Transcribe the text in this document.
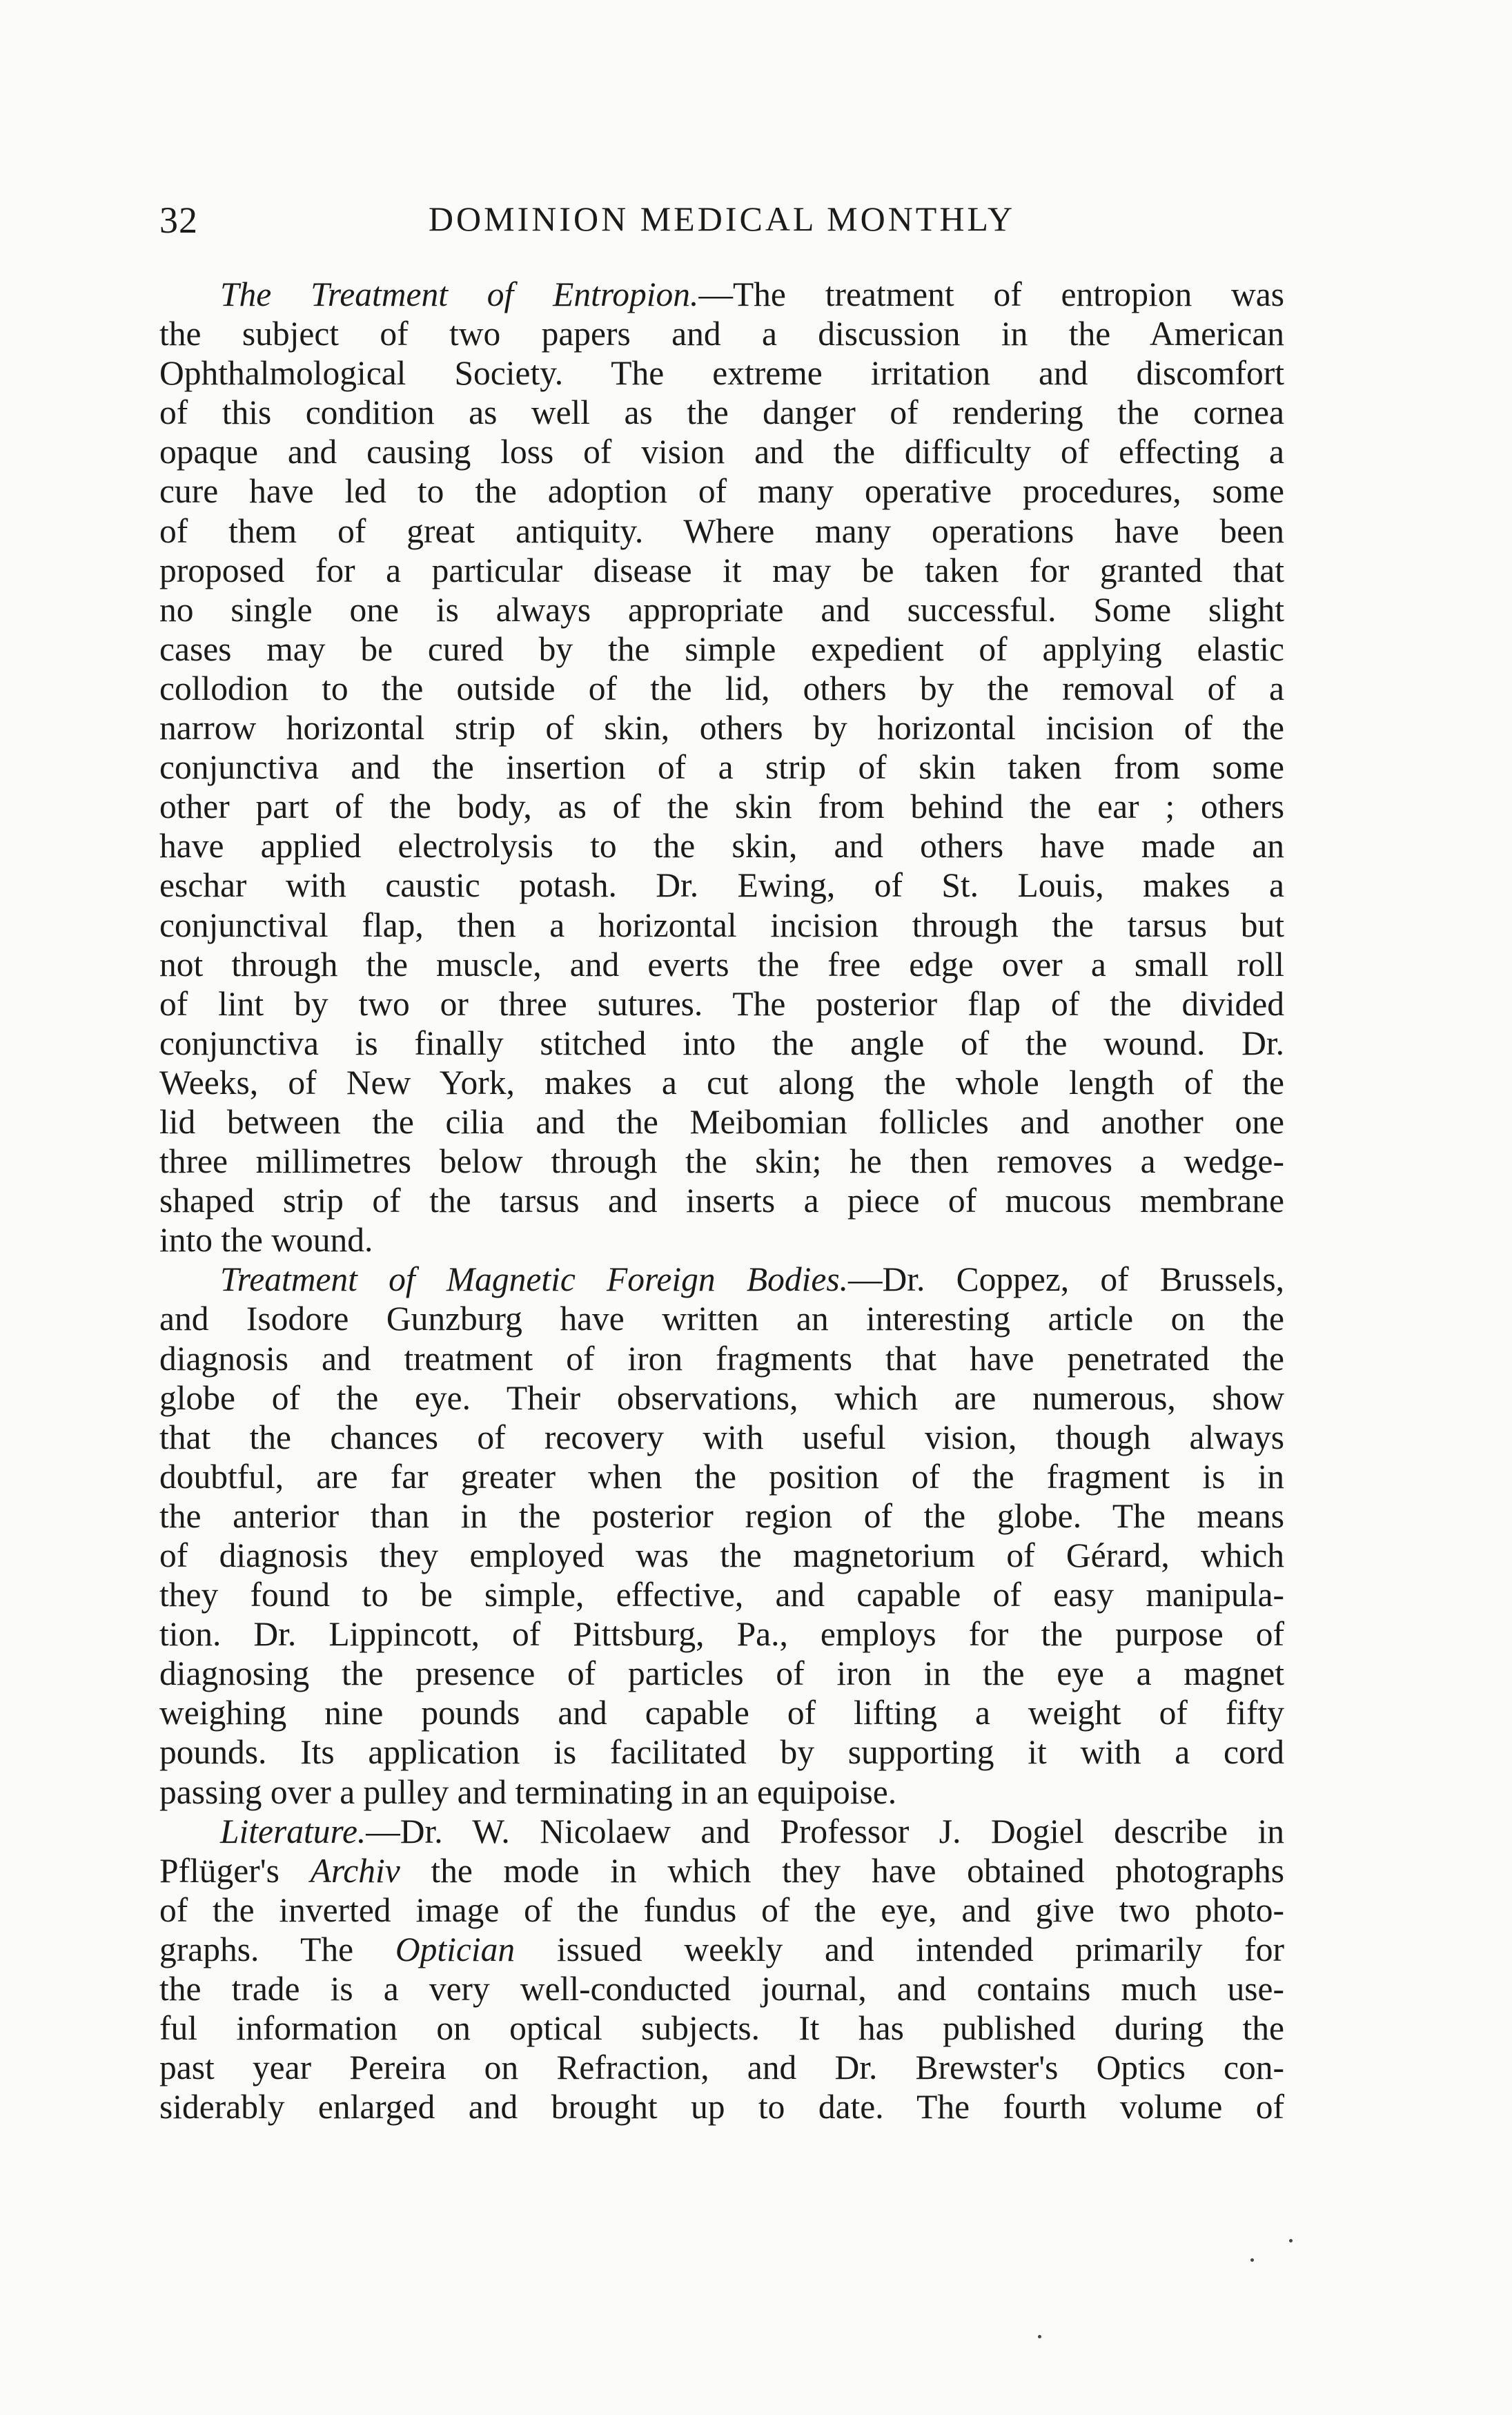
32	DOMINION MEDICAL MONTHLY
The Treatment of Entropion.—The treatment of entropion was
the subject of two papers and a discussion in the American
Ophthalmological Society. The extreme irritation and discomfort
of this condition as well as the danger of rendering the cornea
opaque and causing loss of vision and the difficulty of effecting a
cure have led to the adoption of many operative procedures, some
of them of great antiquity. Where many operations have been
proposed for a particular disease it may be taken for granted that
no single one is always appropriate and successful. Some slight
cases may be cured by the simple expedient of applying elastic
collodion to the outside of the lid, others by the removal of a
narrow horizontal strip of skin, others by horizontal incision of the
conjunctiva and the insertion of a strip of skin taken from some
other part of the body, as of the skin from behind the ear ; others
have applied electrolysis to the skin, and others have made an
eschar with caustic potash. Dr. Ewing, of St. Louis, makes a
conjunctival flap, then a horizontal incision through the tarsus but
not through the muscle, and everts the free edge over a small roll
of lint by two or three sutures. The posterior flap of the divided
conjunctiva is finally stitched into the angle of the wound. Dr.
Weeks, of New York, makes a cut along the whole length of the
lid between the cilia and the Meibomian follicles and another one
three millimetres below through the skin; he then removes a wedge-
shaped strip of the tarsus and inserts a piece of mucous membrane
into the wound.
Treatment of Magnetic Foreign Bodies.—Dr. Coppez, of Brussels,
and Isodore Gunzburg have written an interesting article on the
diagnosis and treatment of iron fragments that have penetrated the
globe of the eye. Their observations, which are numerous, show
that the chances of recovery with useful vision, though always
doubtful, are far greater when the position of the fragment is in
the anterior than in the posterior region of the globe. The means
of diagnosis they employed was the magnetorium of Gérard, which
they found to be simple, effective, and capable of easy manipula-
tion. Dr. Lippincott, of Pittsburg, Pa., employs for the purpose of
diagnosing the presence of particles of iron in the eye a magnet
weighing nine pounds and capable of lifting a weight of fifty
pounds. Its application is facilitated by supporting it with a cord
passing over a pulley and terminating in an equipoise.
Literature.—Dr. W. Nicolaew and Professor J. Dogiel describe in
Pflüger's Archiv the mode in which they have obtained photographs
of the inverted image of the fundus of the eye, and give two photo-
graphs. The Optician issued weekly and intended primarily for
the trade is a very well-conducted journal, and contains much use-
ful information on optical subjects. It has published during the
past year Pereira on Refraction, and Dr. Brewster's Optics con-
siderably enlarged and brought up to date. The fourth volume of
